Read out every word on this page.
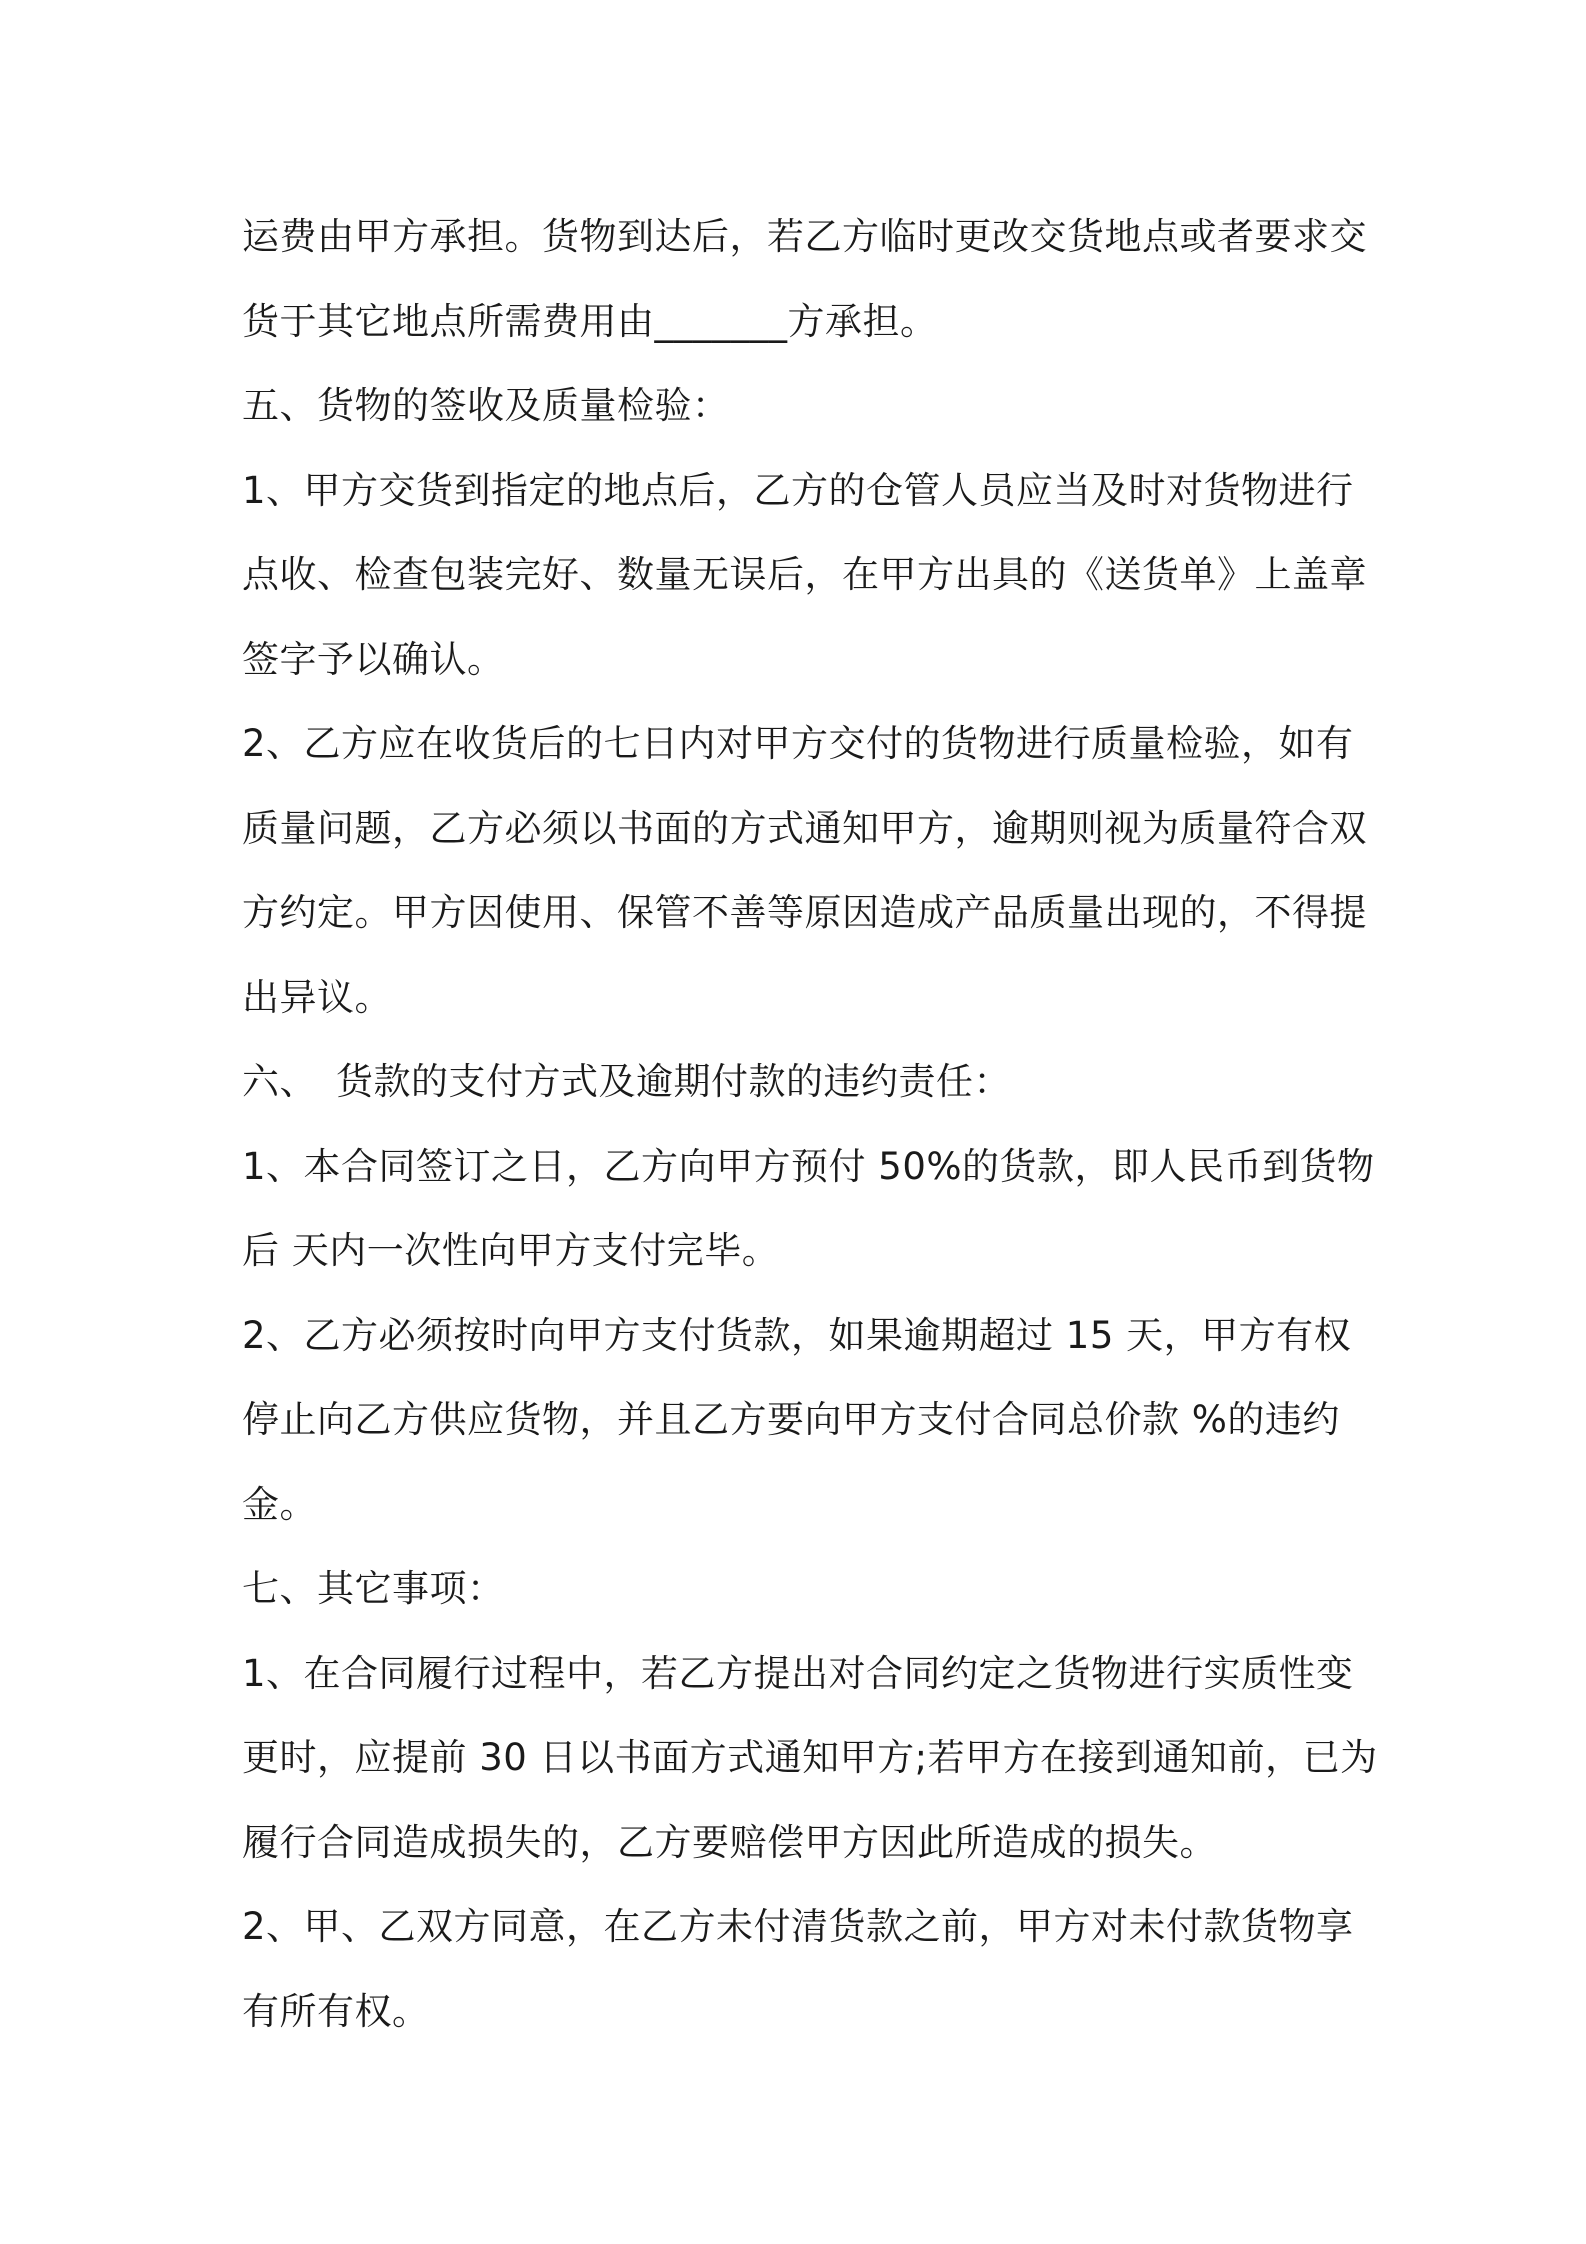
运费由甲方承担。货物到达后，若乙方临时更改交货地点或者要求交

货于其它地点所需费用由_______方承担。

五、货物的签收及质量检验：

1、甲方交货到指定的地点后，乙方的仓管人员应当及时对货物进行

点收、检查包装完好、数量无误后，在甲方出具的《送货单》上盖章

签字予以确认。

2、乙方应在收货后的七日内对甲方交付的货物进行质量检验，如有

质量问题，乙方必须以书面的方式通知甲方，逾期则视为质量符合双

方约定。甲方因使用、保管不善等原因造成产品质量出现的，不得提

出异议。

六、　货款的支付方式及逾期付款的违约责任：

1、本合同签订之日，乙方向甲方预付 50%的货款，即人民币到货物

后 天内一次性向甲方支付完毕。

2、乙方必须按时向甲方支付货款，如果逾期超过 15 天，甲方有权

停止向乙方供应货物，并且乙方要向甲方支付合同总价款 %的违约

金。

七、其它事项：

1、在合同履行过程中，若乙方提出对合同约定之货物进行实质性变

更时，应提前 30 日以书面方式通知甲方;若甲方在接到通知前，已为

履行合同造成损失的，乙方要赔偿甲方因此所造成的损失。

2、甲、乙双方同意，在乙方未付清货款之前，甲方对未付款货物享

有所有权。
